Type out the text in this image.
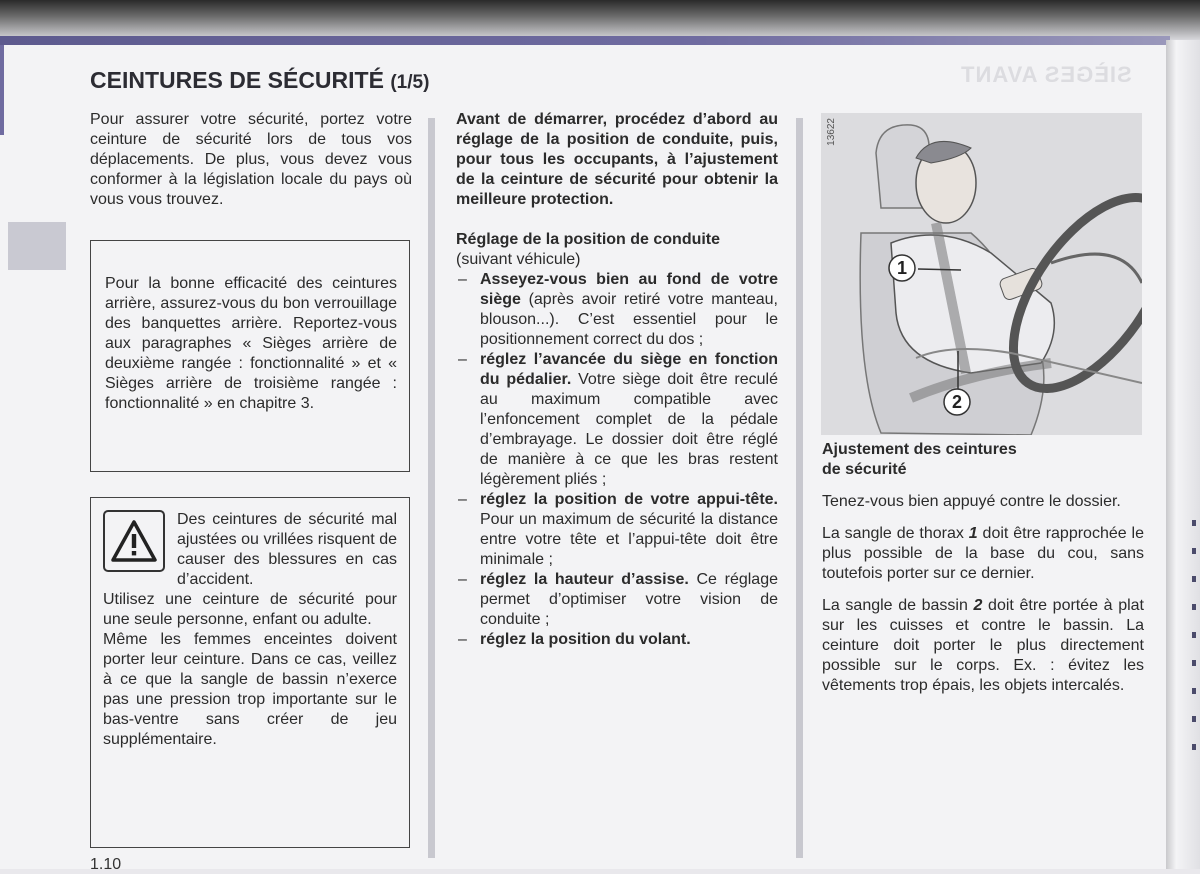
SIÈGES AVANT
CEINTURES DE SÉCURITÉ (1/5)

Pour assurer votre sécurité, portez votre ceinture de sécurité lors de tous vos déplacements. De plus, vous devez vous conformer à la législation locale du pays où vous vous trouvez.

Pour la bonne efficacité des ceintures arrière, assurez-vous du bon verrouillage des banquettes arrière. Reportez-vous aux paragraphes « Sièges arrière de deuxième rangée : fonctionnalité » et « Sièges arrière de troisième rangée : fonctionnalité » en chapitre 3.

Des ceintures de sécurité mal ajustées ou vrillées risquent de causer des blessures en cas d’accident.

Utilisez une ceinture de sécurité pour une seule personne, enfant ou adulte.

Même les femmes enceintes doivent porter leur ceinture. Dans ce cas, veillez à ce que la sangle de bassin n’exerce pas une pression trop importante sur le bas-ventre sans créer de jeu supplémentaire.

Avant de démarrer, procédez d’abord au réglage de la position de conduite, puis, pour tous les occupants, à l’ajustement de la ceinture de sécurité pour obtenir la meilleure protection.

Réglage de la position de conduite

(suivant véhicule)

– Asseyez-vous bien au fond de votre siège (après avoir retiré votre manteau, blouson...). C’est essentiel pour le positionnement correct du dos ;
– réglez l’avancée du siège en fonction du pédalier. Votre siège doit être reculé au maximum compatible avec l’enfoncement complet de la pédale d’embrayage. Le dossier doit être réglé de manière à ce que les bras restent légèrement pliés ;
– réglez la position de votre appui-tête. Pour un maximum de sécurité la distance entre votre tête et l’appui-tête doit être minimale ;
– réglez la hauteur d’assise. Ce réglage permet d’optimiser votre vision de conduite ;
– réglez la position du volant.
1
2
13622

Ajustement des ceintures
de sécurité

Tenez-vous bien appuyé contre le dossier.

La sangle de thorax 1 doit être rapprochée le plus possible de la base du cou, sans toutefois porter sur ce dernier.

La sangle de bassin 2 doit être portée à plat sur les cuisses et contre le bassin. La ceinture doit porter le plus directement possible sur le corps. Ex. : évitez les vêtements trop épais, les objets intercalés.

1.10
